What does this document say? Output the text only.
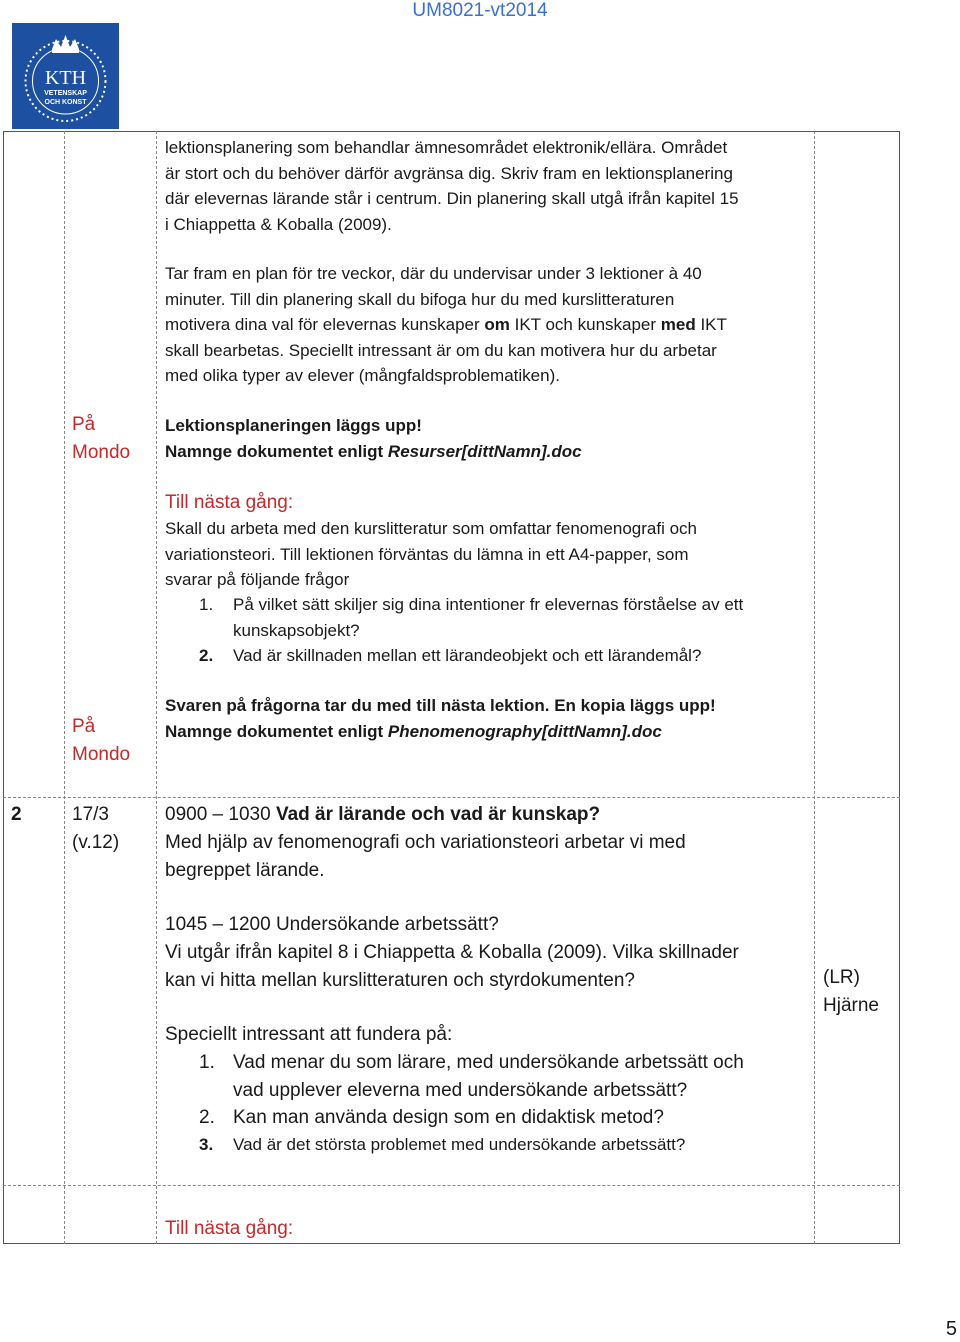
UM8021-vt2014
KTH
VETENSKAP
OCH KONST
lektionsplanering som behandlar ämnesområdet elektronik/ellära. Området
är stort och du behöver därför avgränsa dig. Skriv fram en lektionsplanering
där elevernas lärande står i centrum. Din planering skall utgå ifrån kapitel 15
i Chiappetta & Koballa (2009).
Tar fram en plan för tre veckor, där du undervisar under 3 lektioner à 40
minuter. Till din planering skall du bifoga hur du med kurslitteraturen
motivera dina val för elevernas kunskaper om IKT och kunskaper med IKT
skall bearbetas. Speciellt intressant är om du kan motivera hur du arbetar
med olika typer av elever (mångfaldsproblematiken).
På
Mondo
Lektionsplaneringen läggs upp!
Namnge dokumentet enligt Resurser[dittNamn].doc
Till nästa gång:
Skall du arbeta med den kurslitteratur som omfattar fenomenografi och
variationsteori. Till lektionen förväntas du lämna in ett A4-papper, som
svarar på följande frågor
1. På vilket sätt skiljer sig dina intentioner fr elevernas förståelse av ett
kunskapsobjekt?
2. Vad är skillnaden mellan ett lärandeobjekt och ett lärandemål?
På
Mondo
Svaren på frågorna tar du med till nästa lektion. En kopia läggs upp!
Namnge dokumentet enligt Phenomenography[dittNamn].doc
2	17/3
(v.12)
0900 – 1030 Vad är lärande och vad är kunskap?
Med hjälp av fenomenografi och variationsteori arbetar vi med
begreppet lärande.
1045 – 1200 Undersökande arbetssätt?
Vi utgår ifrån kapitel 8 i Chiappetta & Koballa (2009). Vilka skillnader
kan vi hitta mellan kurslitteraturen och styrdokumenten?	(LR)
Hjärne
Speciellt intressant att fundera på:
1. Vad menar du som lärare, med undersökande arbetssätt och
vad upplever eleverna med undersökande arbetssätt?
2. Kan man använda design som en didaktisk metod?
3. Vad är det största problemet med undersökande arbetssätt?
Till nästa gång:
5
